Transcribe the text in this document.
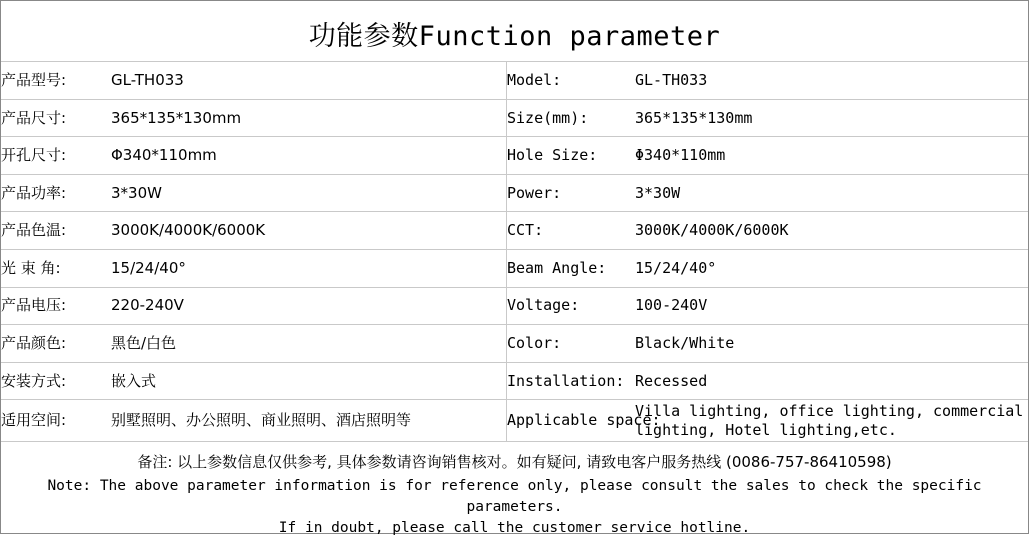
功能参数Function parameter
产品型号:	GL-TH033	Model:	GL-TH033
产品尺寸:	365*135*130mm	Size(mm):	365*135*130mm
开孔尺寸:	Φ340*110mm	Hole Size:	Φ340*110mm
产品功率:	3*30W	Power:	3*30W
产品色温:	3000K/4000K/6000K	CCT:	3000K/4000K/6000K
光 束 角:	15/24/40°	Beam Angle:	15/24/40°
产品电压:	220-240V	Voltage:	100-240V
产品颜色:	黑色/白色	Color:	Black/White
安装方式:	嵌入式	Installation:	Recessed
适用空间:	别墅照明、办公照明、商业照明、酒店照明等	Applicable space:	Villa lighting, office lighting, commercial lighting, Hotel lighting,etc.
备注: 以上参数信息仅供参考, 具体参数请咨询销售核对。如有疑问, 请致电客户服务热线 (0086-757-86410598)
Note: The above parameter information is for reference only, please consult the sales to check the specific parameters.
If in doubt, please call the customer service hotline.
